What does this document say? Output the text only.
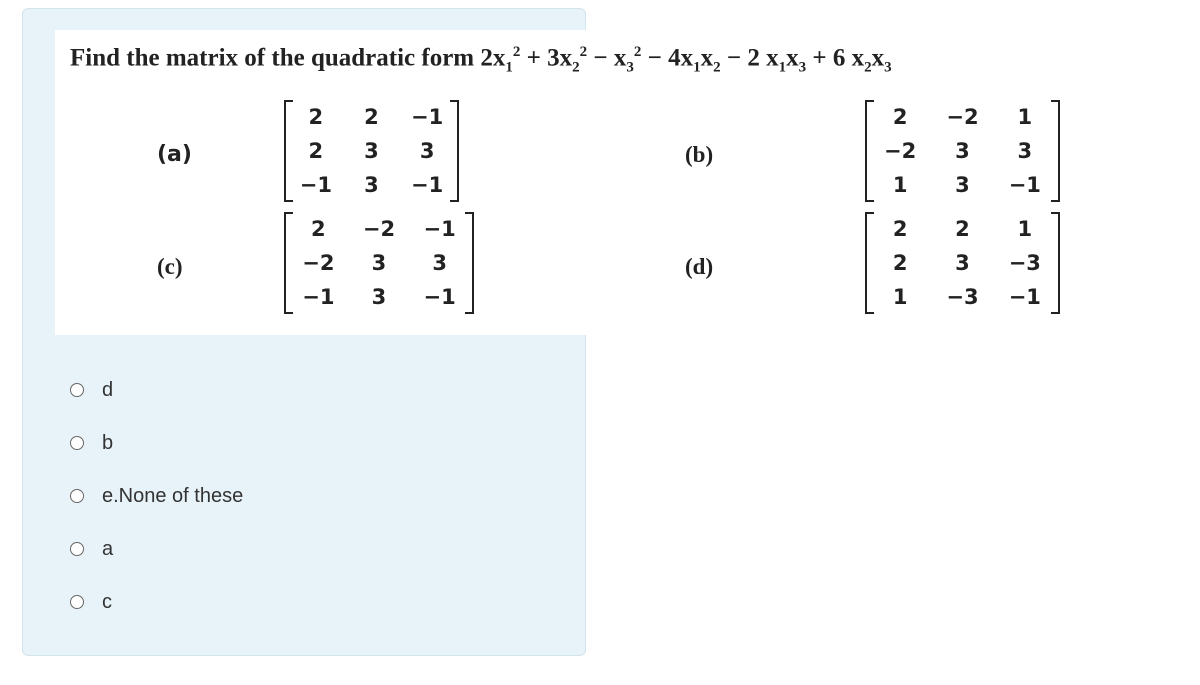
Find the matrix of the quadratic form $2x_1^2 + 3x_2^2 - x_3^2 - 4x_1x_2 - 2$ $x_1x_3 + 6$ $x_2x_3$
(a)
2 2 −1
2 3 3
−1 3 −1
(b)
2 −2 1
−2 3 3
1 3 −1
(c)
2 −2 −1
−2 3 3
−1 3 −1
(d)
2 2 1
2 3 −3
1 −3 −1
d
b
e.None of these
a
c
